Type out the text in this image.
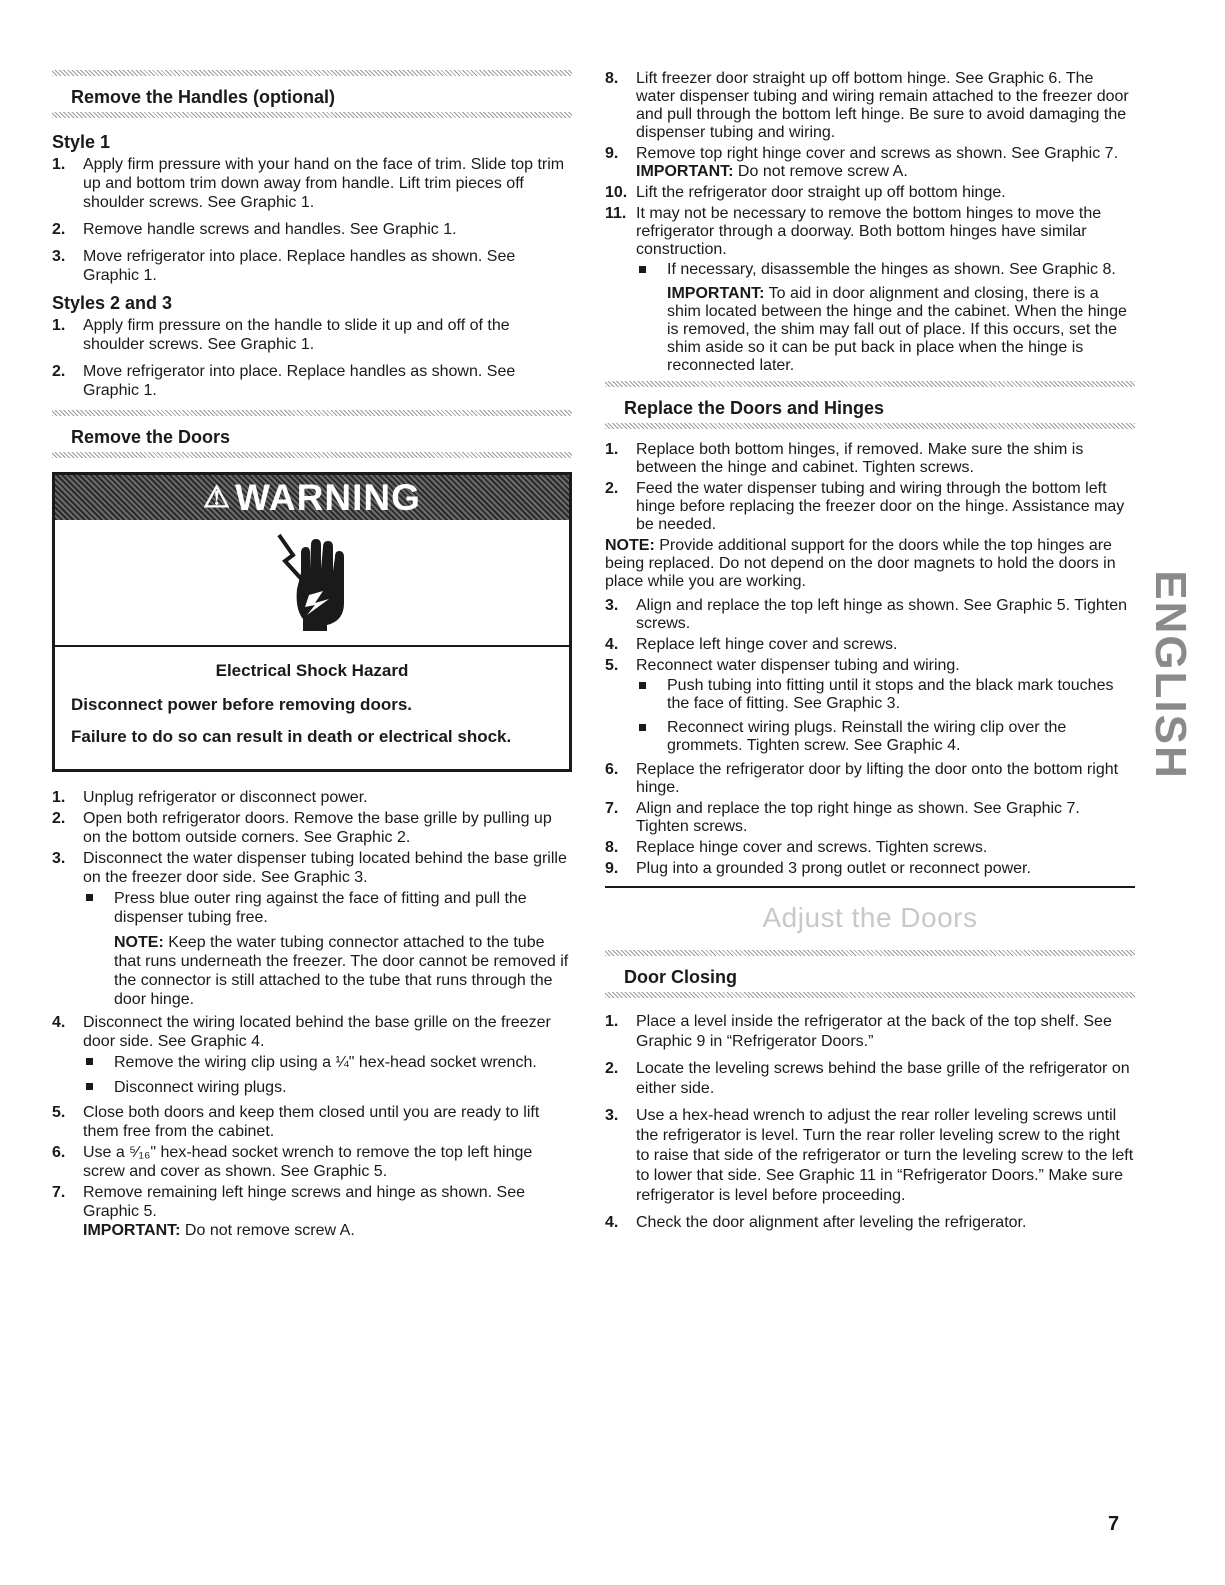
Remove the Handles (optional)
Style 1
1. Apply firm pressure with your hand on the face of trim. Slide top trim up and bottom trim down away from handle. Lift trim pieces off shoulder screws. See Graphic 1.
2. Remove handle screws and handles. See Graphic 1.
3. Move refrigerator into place. Replace handles as shown. See Graphic 1.
Styles 2 and 3
1. Apply firm pressure on the handle to slide it up and off of the shoulder screws. See Graphic 1.
2. Move refrigerator into place. Replace handles as shown. See Graphic 1.
Remove the Doors
⚠ WARNING
Electrical Shock Hazard

Disconnect power before removing doors.

Failure to do so can result in death or electrical shock.

1. Unplug refrigerator or disconnect power.
2. Open both refrigerator doors. Remove the base grille by pulling up on the bottom outside corners. See Graphic 2.
3. Disconnect the water dispenser tubing located behind the base grille on the freezer door side. See Graphic 3.
Press blue outer ring against the face of fitting and pull the dispenser tubing free.
NOTE: Keep the water tubing connector attached to the tube that runs underneath the freezer. The door cannot be removed if the connector is still attached to the tube that runs through the door hinge.
4. Disconnect the wiring located behind the base grille on the freezer door side. See Graphic 4.
Remove the wiring clip using a ¼" hex-head socket wrench.
Disconnect wiring plugs.
5. Close both doors and keep them closed until you are ready to lift them free from the cabinet.
6. Use a ⁵⁄₁₆" hex-head socket wrench to remove the top left hinge screw and cover as shown. See Graphic 5.
7. Remove remaining left hinge screws and hinge as shown. See Graphic 5.
IMPORTANT: Do not remove screw A.
8. Lift freezer door straight up off bottom hinge. See Graphic 6. The water dispenser tubing and wiring remain attached to the freezer door and pull through the bottom left hinge. Be sure to avoid damaging the dispenser tubing and wiring.
9. Remove top right hinge cover and screws as shown. See Graphic 7.
IMPORTANT: Do not remove screw A.
10. Lift the refrigerator door straight up off bottom hinge.
11. It may not be necessary to remove the bottom hinges to move the refrigerator through a doorway. Both bottom hinges have similar construction.
If necessary, disassemble the hinges as shown. See Graphic 8.
IMPORTANT: To aid in door alignment and closing, there is a shim located between the hinge and the cabinet. When the hinge is removed, the shim may fall out of place. If this occurs, set the shim aside so it can be put back in place when the hinge is reconnected later.
Replace the Doors and Hinges
1. Replace both bottom hinges, if removed. Make sure the shim is between the hinge and cabinet. Tighten screws.
2. Feed the water dispenser tubing and wiring through the bottom left hinge before replacing the freezer door on the hinge. Assistance may be needed.
NOTE: Provide additional support for the doors while the top hinges are being replaced. Do not depend on the door magnets to hold the doors in place while you are working.
3. Align and replace the top left hinge as shown. See Graphic 5. Tighten screws.
4. Replace left hinge cover and screws.
5. Reconnect water dispenser tubing and wiring.
Push tubing into fitting until it stops and the black mark touches the face of fitting. See Graphic 3.
Reconnect wiring plugs. Reinstall the wiring clip over the grommets. Tighten screw. See Graphic 4.
6. Replace the refrigerator door by lifting the door onto the bottom right hinge.
7. Align and replace the top right hinge as shown. See Graphic 7. Tighten screws.
8. Replace hinge cover and screws. Tighten screws.
9. Plug into a grounded 3 prong outlet or reconnect power.
Adjust the Doors
Door Closing
1. Place a level inside the refrigerator at the back of the top shelf. See Graphic 9 in “Refrigerator Doors.”
2. Locate the leveling screws behind the base grille of the refrigerator on either side.
3. Use a hex-head wrench to adjust the rear roller leveling screws until the refrigerator is level. Turn the rear roller leveling screw to the right to raise that side of the refrigerator or turn the leveling screw to the left to lower that side. See Graphic 11 in “Refrigerator Doors.” Make sure refrigerator is level before proceeding.
4. Check the door alignment after leveling the refrigerator.
ENGLISH
7
